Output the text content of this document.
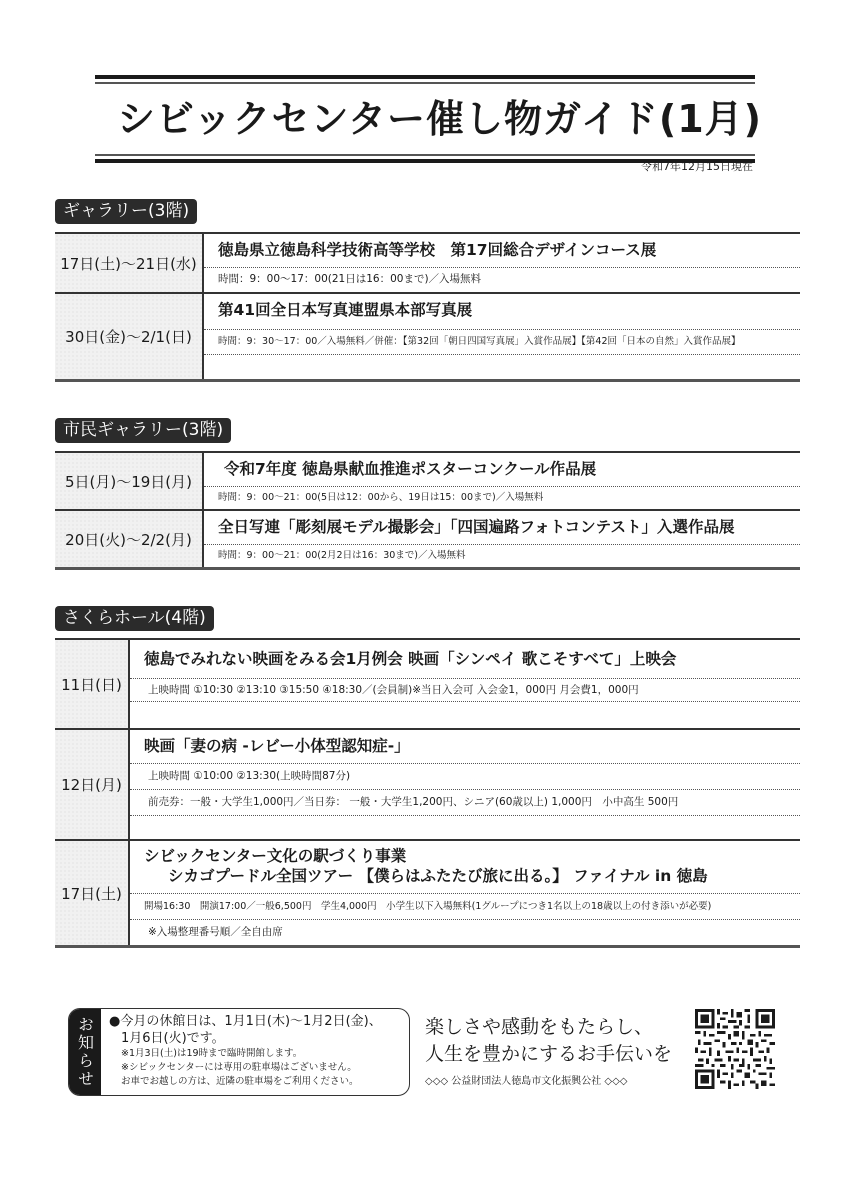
シビックセンター催し物ガイド(1月)
令和7年12月15日現在
ギャラリー(3階)
17日(土)～21日(水)	徳島県立徳島科学技術高等学校　第17回総合デザインコース展
時間：9：00～17：00(21日は16：00まで)／入場無料

30日(金)～2/1(日)	第41回全日本写真連盟県本部写真展
時間：9：30～17：00／入場無料／併催：【第32回「朝日四国写真展」入賞作品展】【第42回「日本の自然」入賞作品展】
市民ギャラリー(3階)
5日(月)～19日(月)	令和7年度 徳島県献血推進ポスターコンクール作品展
時間：9：00～21：00(5日は12：00から、19日は15：00まで)／入場無料

20日(火)～2/2(月)	全日写連「彫刻展モデル撮影会」「四国遍路フォトコンテスト」入選作品展
時間：9：00～21：00(2月2日は16：30まで)／入場無料
さくらホール(4階)
11日(日)	徳島でみれない映画をみる会1月例会 映画「シンペイ 歌こそすべて」上映会
上映時間 ①10:30 ②13:10 ③15:50 ④18:30／(会員制)※当日入会可 入会金1，000円 月会費1，000円

12日(月)	映画「妻の病 -レビー小体型認知症-」
上映時間 ①10:00 ②13:30(上映時間87分)
前売券：一般・大学生1,000円／当日券： 一般・大学生1,200円、シニア(60歳以上) 1,000円　小中高生 500円

17日(土)	シビックセンター文化の駅づくり事業
シカゴプードル全国ツアー 【僕らはふたたび旅に出る。】 ファイナル in 徳島
開場16:30　開演17:00／一般6,500円　学生4,000円　小学生以下入場無料(1グループにつき1名以上の18歳以上の付き添いが必要)
※入場整理番号順／全自由席
お知らせ	●今月の休館日は、1月1日(木)～1月2日(金)、
1月6日(火)です。
※1月3日(土)は19時まで臨時開館します。
※シビックセンターには専用の駐車場はございません。
お車でお越しの方は、近隣の駐車場をご利用ください。
楽しさや感動をもたらし、
人生を豊かにするお手伝いを
◇◇◇ 公益財団法人徳島市文化振興公社 ◇◇◇
